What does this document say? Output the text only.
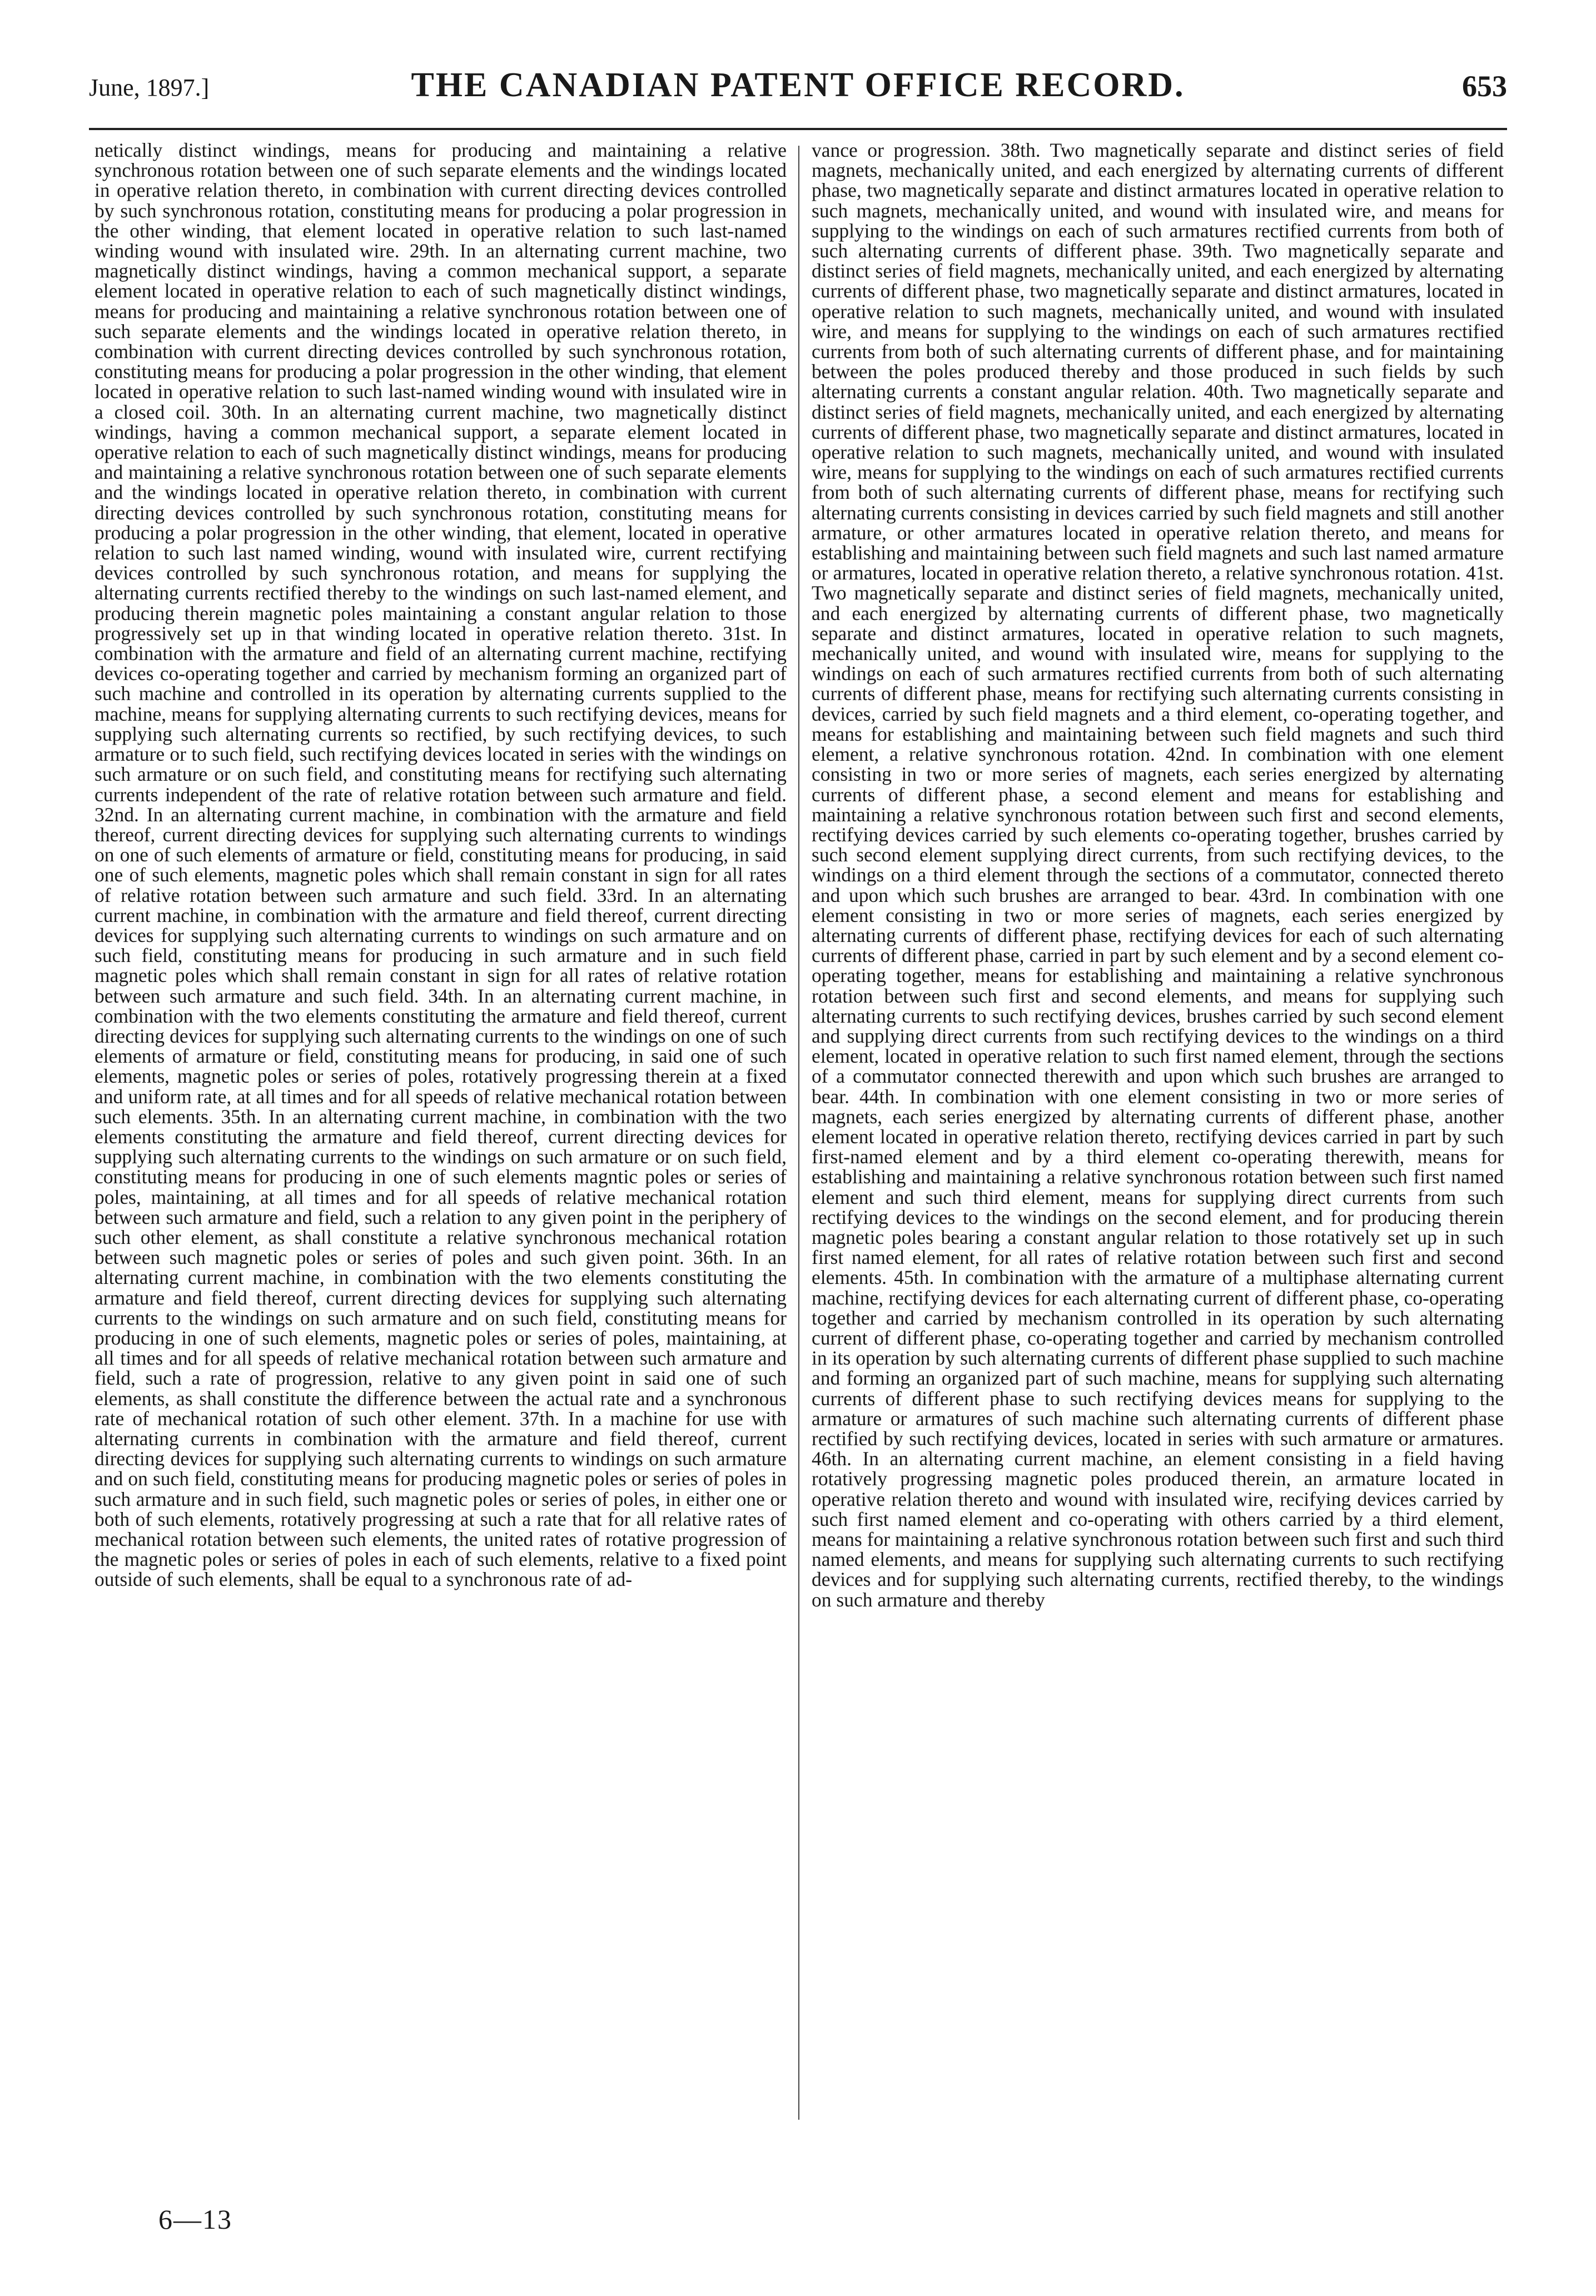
June, 1897.]	THE CANADIAN PATENT OFFICE RECORD.	653
netically distinct windings, means for producing and maintaining a relative synchronous rotation between one of such separate elements and the windings located in operative relation thereto, in combination with current directing devices controlled by such synchronous rotation, constituting means for producing a polar progression in the other winding, that element located in operative relation to such last-named winding wound with insulated wire. 29th. In an alternating current machine, two magnetically distinct windings, having a common mechanical support, a separate element located in operative relation to each of such magnetically distinct windings, means for producing and maintaining a relative synchronous rotation between one of such separate elements and the windings located in operative relation thereto, in combination with current directing devices controlled by such synchronous rotation, constituting means for producing a polar progression in the other winding, that element located in operative relation to such last-named winding wound with insulated wire in a closed coil. 30th. In an alternating current machine, two magnetically distinct windings, having a common mechanical support, a separate element located in operative relation to each of such magnetically distinct windings, means for producing and maintaining a relative synchronous rotation between one of such separate elements and the windings located in operative relation thereto, in combination with current directing devices controlled by such synchronous rotation, constituting means for producing a polar progression in the other winding, that element, located in operative relation to such last named winding, wound with insulated wire, current rectifying devices controlled by such synchronous rotation, and means for supplying the alternating currents rectified thereby to the windings on such last-named element, and producing therein magnetic poles maintaining a constant angular relation to those progressively set up in that winding located in operative relation thereto. 31st. In combination with the armature and field of an alternating current machine, rectifying devices co-operating together and carried by mechanism forming an organized part of such machine and controlled in its operation by alternating currents supplied to the machine, means for supplying alternating currents to such rectifying devices, means for supplying such alternating currents so rectified, by such rectifying devices, to such armature or to such field, such rectifying devices located in series with the windings on such armature or on such field, and constituting means for rectifying such alternating currents independent of the rate of relative rotation between such armature and field. 32nd. In an alternating current machine, in combination with the armature and field thereof, current directing devices for supplying such alternating currents to windings on one of such elements of armature or field, constituting means for producing, in said one of such elements, magnetic poles which shall remain constant in sign for all rates of relative rotation between such armature and such field. 33rd. In an alternating current machine, in combination with the armature and field thereof, current directing devices for supplying such alternating currents to windings on such armature and on such field, constituting means for producing in such armature and in such field magnetic poles which shall remain constant in sign for all rates of relative rotation between such armature and such field. 34th. In an alternating current machine, in combination with the two elements constituting the armature and field thereof, current directing devices for supplying such alternating currents to the windings on one of such elements of armature or field, constituting means for producing, in said one of such elements, magnetic poles or series of poles, rotatively progressing therein at a fixed and uniform rate, at all times and for all speeds of relative mechanical rotation between such elements. 35th. In an alternating current machine, in combination with the two elements constituting the armature and field thereof, current directing devices for supplying such alternating currents to the windings on such armature or on such field, constituting means for producing in one of such elements magntic poles or series of poles, maintaining, at all times and for all speeds of relative mechanical rotation between such armature and field, such a relation to any given point in the periphery of such other element, as shall constitute a relative synchronous mechanical rotation between such magnetic poles or series of poles and such given point. 36th. In an alternating current machine, in combination with the two elements constituting the armature and field thereof, current directing devices for supplying such alternating currents to the windings on such armature and on such field, constituting means for producing in one of such elements, magnetic poles or series of poles, maintaining, at all times and for all speeds of relative mechanical rotation between such armature and field, such a rate of progression, relative to any given point in said one of such elements, as shall constitute the difference between the actual rate and a synchronous rate of mechanical rotation of such other element. 37th. In a machine for use with alternating currents in combination with the armature and field thereof, current directing devices for supplying such alternating currents to windings on such armature and on such field, constituting means for producing magnetic poles or series of poles in such armature and in such field, such magnetic poles or series of poles, in either one or both of such elements, rotatively progressing at such a rate that for all relative rates of mechanical rotation between such elements, the united rates of rotative progression of the magnetic poles or series of poles in each of such elements, relative to a fixed point outside of such elements, shall be equal to a synchronous rate of ad-
vance or progression. 38th. Two magnetically separate and distinct series of field magnets, mechanically united, and each energized by alternating currents of different phase, two magnetically separate and distinct armatures located in operative relation to such magnets, mechanically united, and wound with insulated wire, and means for supplying to the windings on each of such armatures rectified currents from both of such alternating currents of different phase. 39th. Two magnetically separate and distinct series of field magnets, mechanically united, and each energized by alternating currents of different phase, two magnetically separate and distinct armatures, located in operative relation to such magnets, mechanically united, and wound with insulated wire, and means for supplying to the windings on each of such armatures rectified currents from both of such alternating currents of different phase, and for maintaining between the poles produced thereby and those produced in such fields by such alternating currents a constant angular relation. 40th. Two magnetically separate and distinct series of field magnets, mechanically united, and each energized by alternating currents of different phase, two magnetically separate and distinct armatures, located in operative relation to such magnets, mechanically united, and wound with insulated wire, means for supplying to the windings on each of such armatures rectified currents from both of such alternating currents of different phase, means for rectifying such alternating currents consisting in devices carried by such field magnets and still another armature, or other armatures located in operative relation thereto, and means for establishing and maintaining between such field magnets and such last named armature or armatures, located in operative relation thereto, a relative synchronous rotation. 41st. Two magnetically separate and distinct series of field magnets, mechanically united, and each energized by alternating currents of different phase, two magnetically separate and distinct armatures, located in operative relation to such magnets, mechanically united, and wound with insulated wire, means for supplying to the windings on each of such armatures rectified currents from both of such alternating currents of different phase, means for rectifying such alternating currents consisting in devices, carried by such field magnets and a third element, co-operating together, and means for establishing and maintaining between such field magnets and such third element, a relative synchronous rotation. 42nd. In combination with one element consisting in two or more series of magnets, each series energized by alternating currents of different phase, a second element and means for establishing and maintaining a relative synchronous rotation between such first and second elements, rectifying devices carried by such elements co-operating together, brushes carried by such second element supplying direct currents, from such rectifying devices, to the windings on a third element through the sections of a commutator, connected thereto and upon which such brushes are arranged to bear. 43rd. In combination with one element consisting in two or more series of magnets, each series energized by alternating currents of different phase, rectifying devices for each of such alternating currents of different phase, carried in part by such element and by a second element co-operating together, means for establishing and maintaining a relative synchronous rotation between such first and second elements, and means for supplying such alternating currents to such rectifying devices, brushes carried by such second element and supplying direct currents from such rectifying devices to the windings on a third element, located in operative relation to such first named element, through the sections of a commutator connected therewith and upon which such brushes are arranged to bear. 44th. In combination with one element consisting in two or more series of magnets, each series energized by alternating currents of different phase, another element located in operative relation thereto, rectifying devices carried in part by such first-named element and by a third element co-operating therewith, means for establishing and maintaining a relative synchronous rotation between such first named element and such third element, means for supplying direct currents from such rectifying devices to the windings on the second element, and for producing therein magnetic poles bearing a constant angular relation to those rotatively set up in such first named element, for all rates of relative rotation between such first and second elements. 45th. In combination with the armature of a multiphase alternating current machine, rectifying devices for each alternating current of different phase, co-operating together and carried by mechanism controlled in its operation by such alternating current of different phase, co-operating together and carried by mechanism controlled in its operation by such alternating currents of different phase supplied to such machine and forming an organized part of such machine, means for supplying such alternating currents of different phase to such rectifying devices means for supplying to the armature or armatures of such machine such alternating currents of different phase rectified by such rectifying devices, located in series with such armature or armatures. 46th. In an alternating current machine, an element consisting in a field having rotatively progressing magnetic poles produced therein, an armature located in operative relation thereto and wound with insulated wire, recifying devices carried by such first named element and co-operating with others carried by a third element, means for maintaining a relative synchronous rotation between such first and such third named elements, and means for supplying such alternating currents to such rectifying devices and for supplying such alternating currents, rectified thereby, to the windings on such armature and thereby
6—13
